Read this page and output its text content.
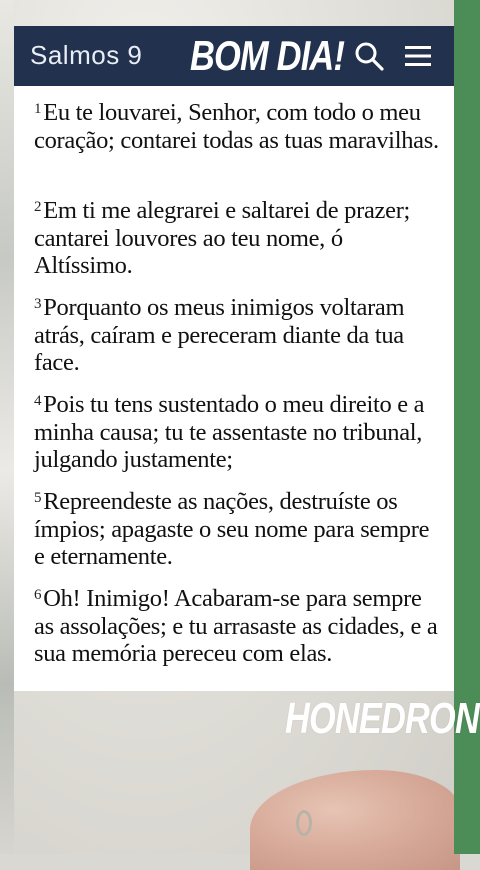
Salmos 9 BOM DIA!

$^1$Eu te louvarei, Senhor, com todo o meu coração; contarei todas as tuas maravilhas.

$^2$Em ti me alegrarei e saltarei de prazer; cantarei louvores ao teu nome, ó Altíssimo.

$^3$Porquanto os meus inimigos voltaram atrás, caíram e pereceram diante da tua face.

$^4$Pois tu tens sustentado o meu direito e a minha causa; tu te assentaste no tribunal, julgando justamente;

$^5$Repreendeste as nações, destruíste os ímpios; apagaste o seu nome para sempre e eternamente.

$^6$Oh! Inimigo! Acabaram-se para sempre as assolações; e tu arrasaste as cidades, e a sua memória pereceu com elas.

HONEDRON
